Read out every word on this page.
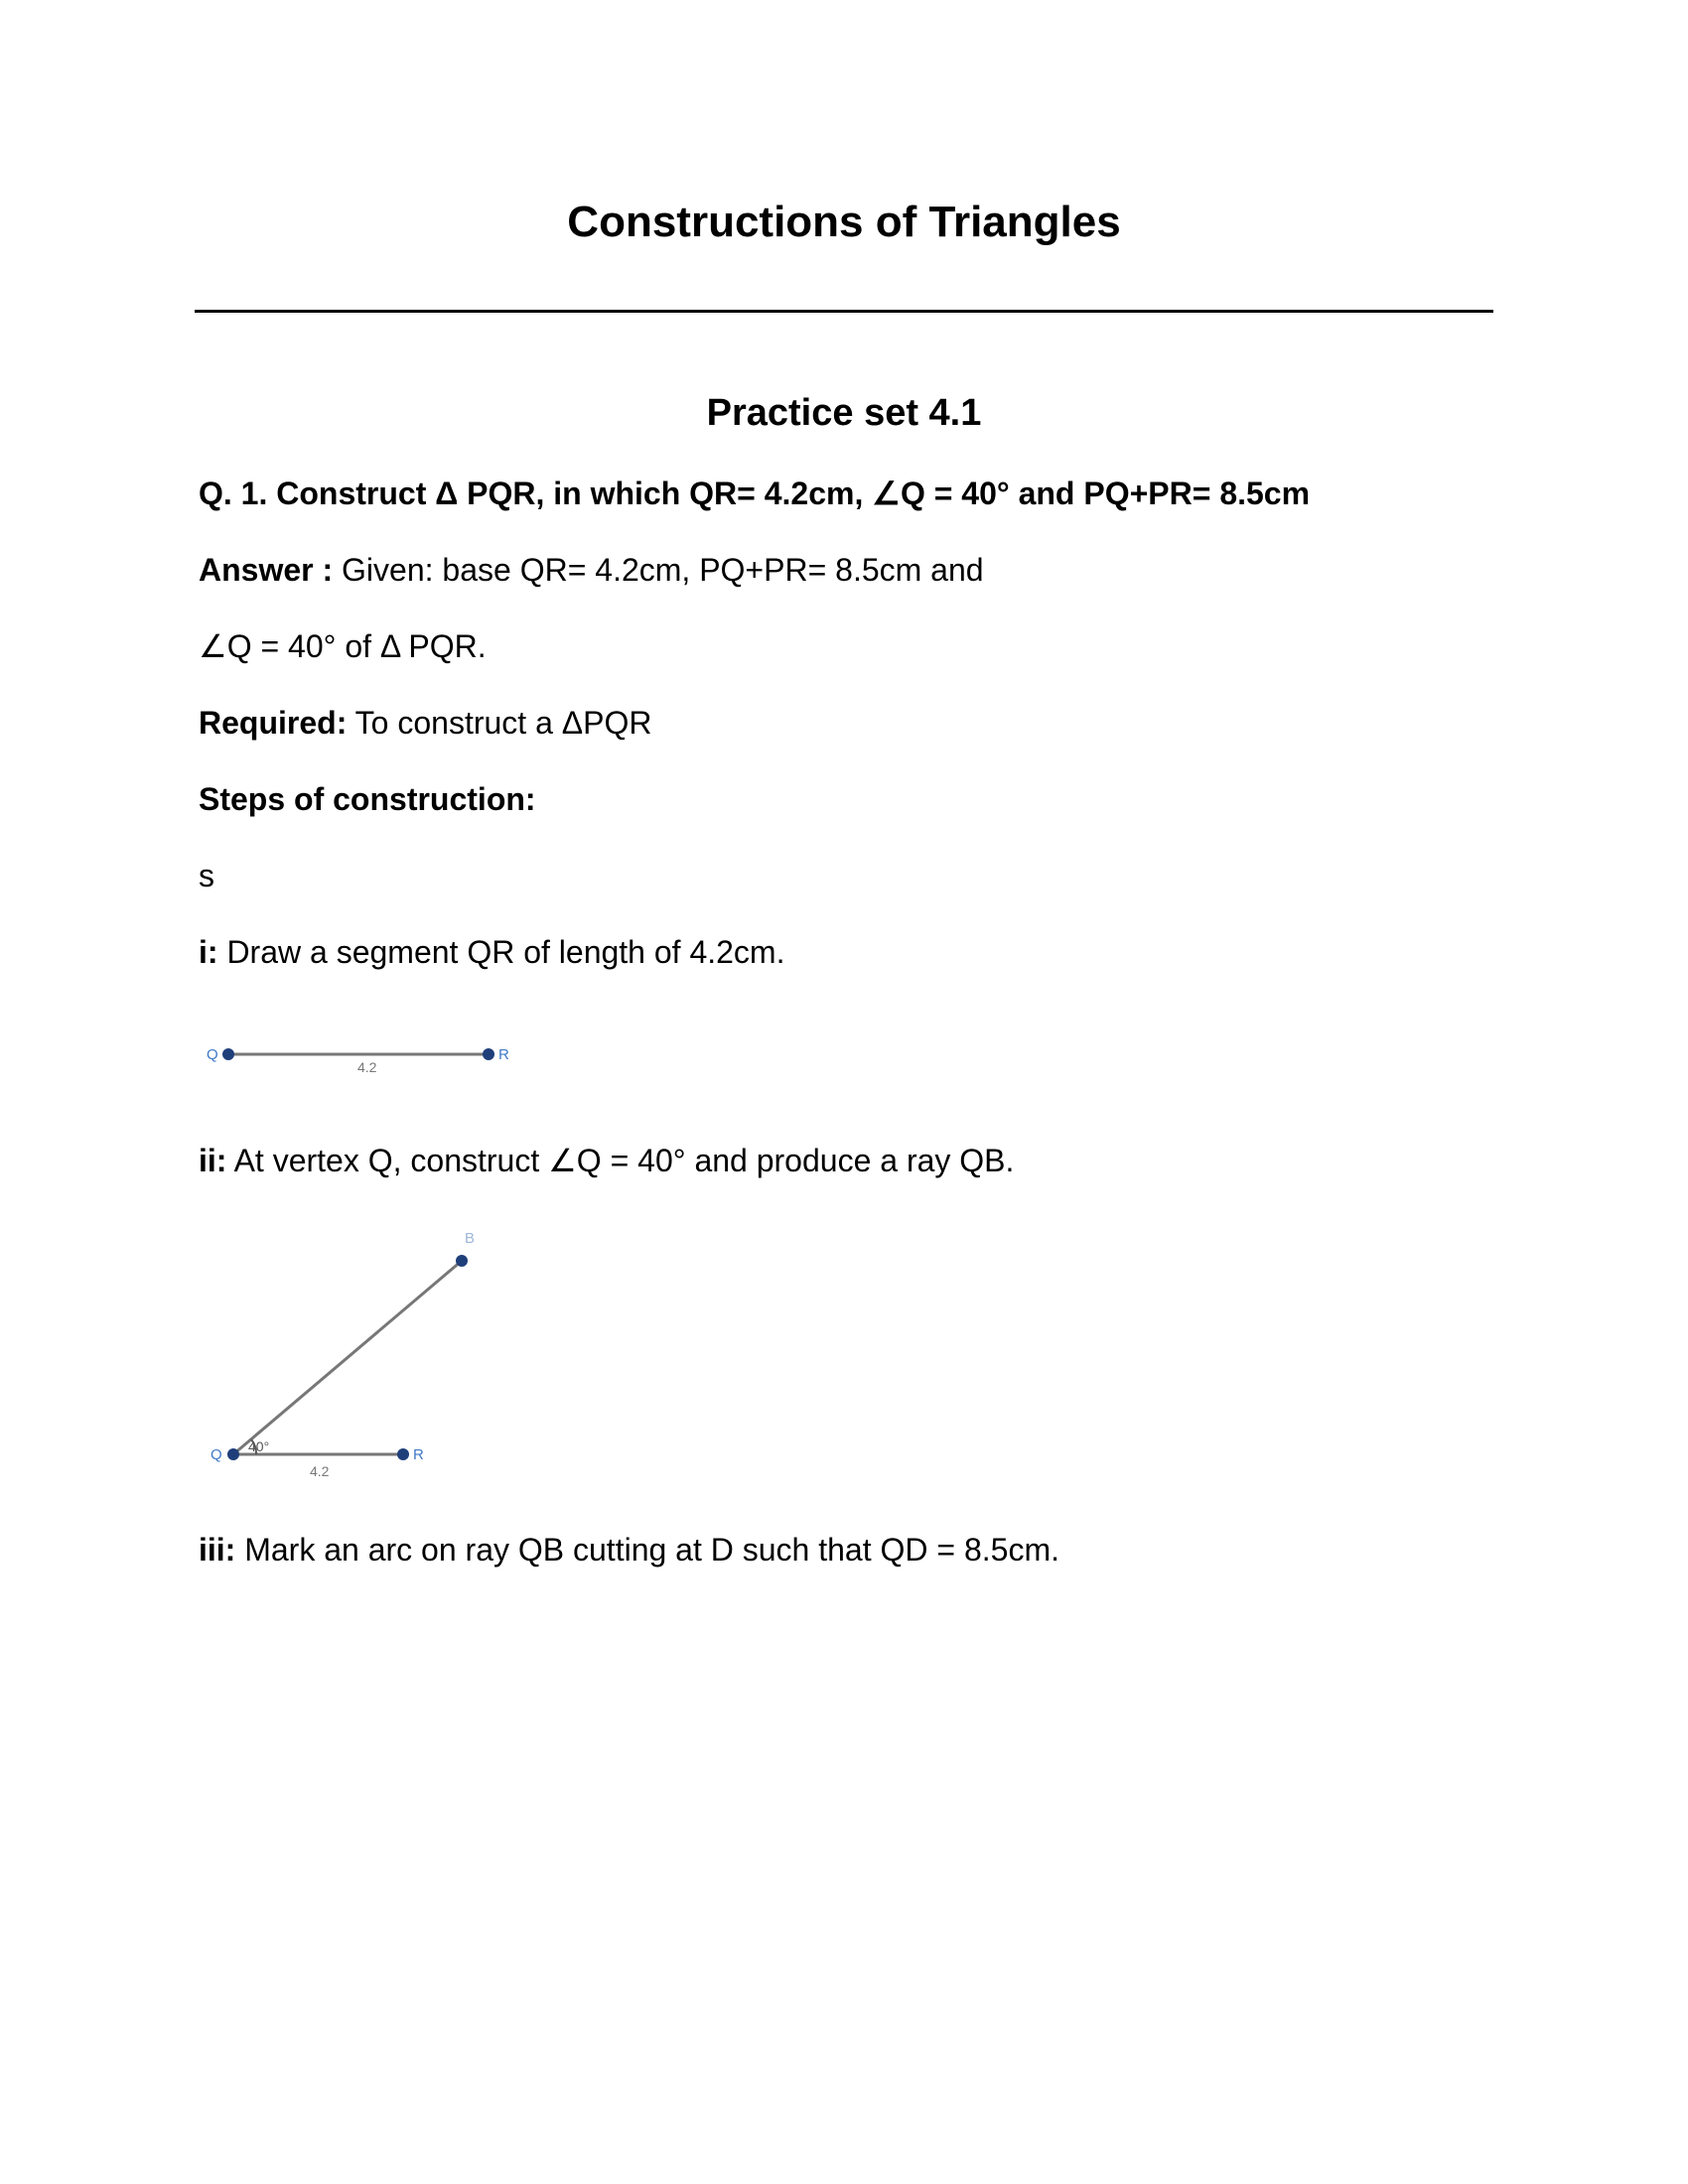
Constructions of Triangles
Practice set 4.1
Q. 1. Construct Δ PQR, in which QR= 4.2cm, ∠Q = 40° and PQ+PR= 8.5cm
Answer : Given: base QR= 4.2cm, PQ+PR= 8.5cm and
∠Q = 40° of Δ PQR.
Required: To construct a ΔPQR
Steps of construction:
s
i: Draw a segment QR of length of 4.2cm.
Q	R
4.2
ii: At vertex Q, construct ∠Q = 40° and produce a ray QB.
Q	R
B
40°
4.2
iii: Mark an arc on ray QB cutting at D such that QD = 8.5cm.
